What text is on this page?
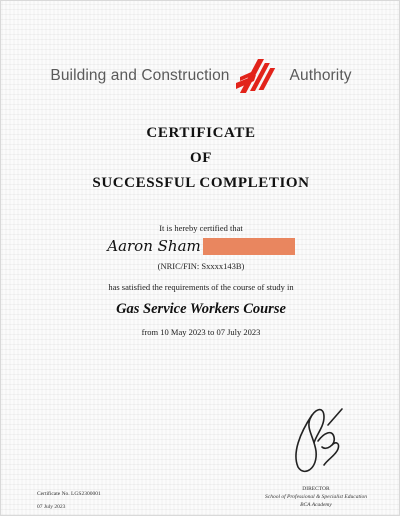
Building and Construction	Authority
CERTIFICATE
OF
SUCCESSFUL COMPLETION
It is hereby certified that
Aaron Sham
(NRIC/FIN: Sxxxx143B)
has satisfied the requirements of the course of study in
Gas Service Workers Course
from 10 May 2023 to 07 July 2023
Certificate No. LGS2300001
07 July 2023
DIRECTOR
School of Professional & Specialist Education
BCA Academy
